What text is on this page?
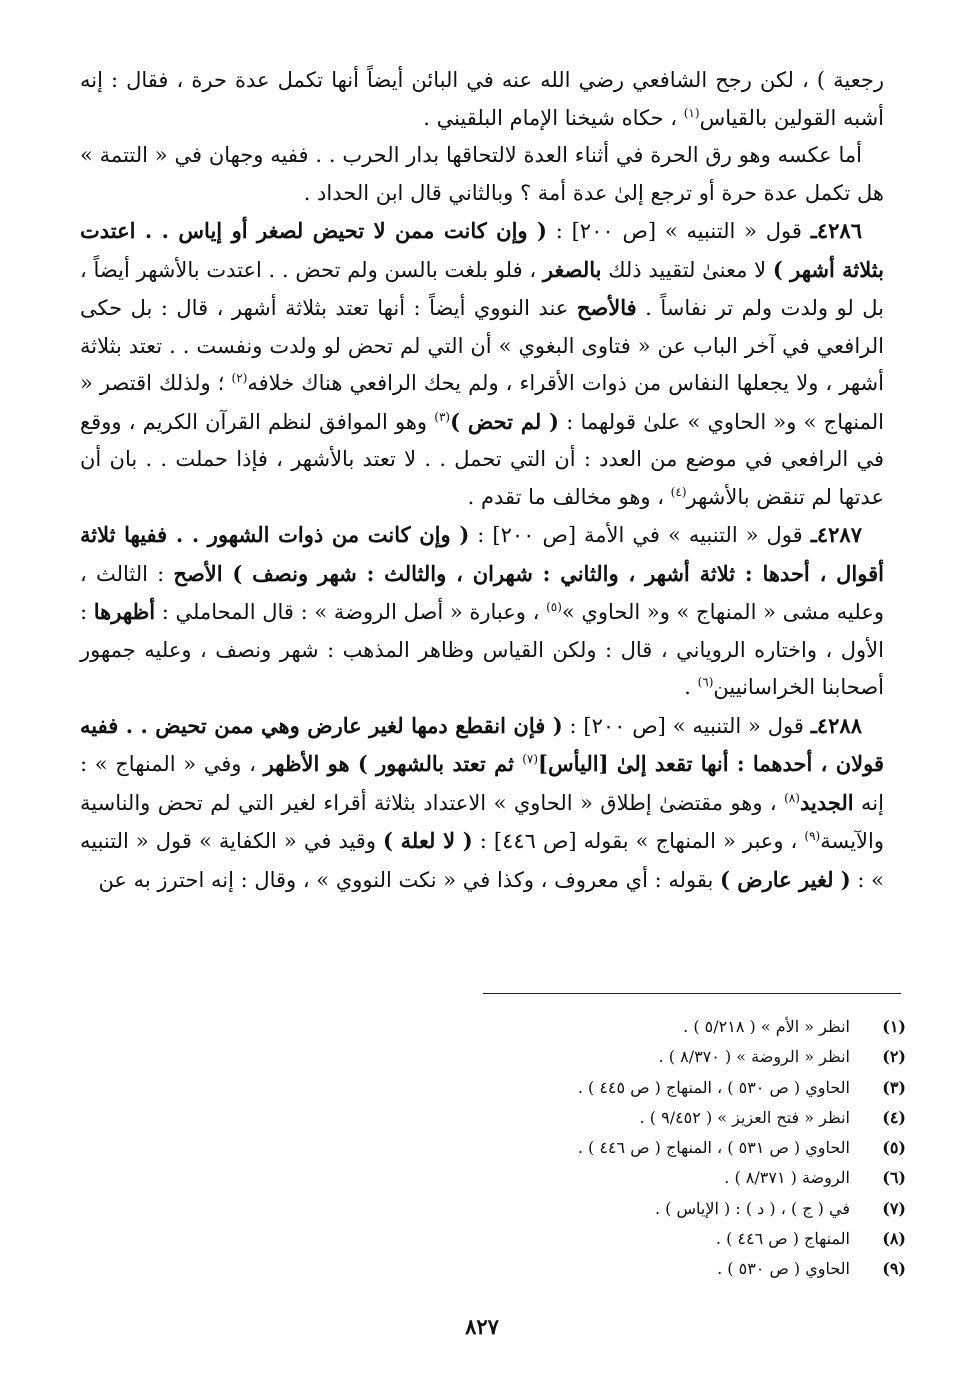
رجعية ) ، لكن رجح الشافعي رضي الله عنه في البائن أيضاً أنها تكمل عدة حرة ، فقال : إنه أشبه القولين بالقياس$^{(١)}$ ، حكاه شيخنا الإمام البلقيني .

أما عكسه وهو رق الحرة في أثناء العدة لالتحاقها بدار الحرب . . ففيه وجهان في « التتمة » هل تكمل عدة حرة أو ترجع إلىٰ عدة أمة ؟ وبالثاني قال ابن الحداد .

٤٢٨٦ـ قول « التنبيه » [ص ٢٠٠] : ( وإن كانت ممن لا تحيض لصغر أو إياس . . اعتدت بثلاثة أشهر ) لا معنىٰ لتقييد ذلك بالصغر ، فلو بلغت بالسن ولم تحض . . اعتدت بالأشهر أيضاً ، بل لو ولدت ولم تر نفاساً . فالأصح عند النووي أيضاً : أنها تعتد بثلاثة أشهر ، قال : بل حكى الرافعي في آخر الباب عن « فتاوى البغوي » أن التي لم تحض لو ولدت ونفست . . تعتد بثلاثة أشهر ، ولا يجعلها النفاس من ذوات الأقراء ، ولم يحك الرافعي هناك خلافه$^{(٢)}$ ؛ ولذلك اقتصر « المنهاج » و« الحاوي » علىٰ قولهما : ( لم تحض )$^{(٣)}$ وهو الموافق لنظم القرآن الكريم ، ووقع في الرافعي في موضع من العدد : أن التي تحمل . . لا تعتد بالأشهر ، فإذا حملت . . بان أن عدتها لم تنقض بالأشهر$^{(٤)}$ ، وهو مخالف ما تقدم .

٤٢٨٧ـ قول « التنبيه » في الأمة [ص ٢٠٠] : ( وإن كانت من ذوات الشهور . . ففيها ثلاثة أقوال ، أحدها : ثلاثة أشهر ، والثاني : شهران ، والثالث : شهر ونصف ) الأصح : الثالث ، وعليه مشى « المنهاج » و« الحاوي »$^{(٥)}$ ، وعبارة « أصل الروضة » : قال المحاملي : أظهرها : الأول ، واختاره الروياني ، قال : ولكن القياس وظاهر المذهب : شهر ونصف ، وعليه جمهور أصحابنا الخراسانيين$^{(٦)}$ .

٤٢٨٨ـ قول « التنبيه » [ص ٢٠٠] : ( فإن انقطع دمها لغير عارض وهي ممن تحيض . . ففيه قولان ، أحدهما : أنها تقعد إلىٰ [اليأس]$^{(٧)}$ ثم تعتد بالشهور ) هو الأظهر ، وفي « المنهاج » : إنه الجديد$^{(٨)}$ ، وهو مقتضىٰ إطلاق « الحاوي » الاعتداد بثلاثة أقراء لغير التي لم تحض والناسية والآيسة$^{(٩)}$ ، وعبر « المنهاج » بقوله [ص ٤٤٦] : ( لا لعلة ) وقيد في « الكفاية » قول « التنبيه » : ( لغير عارض ) بقوله : أي معروف ، وكذا في « نكت النووي » ، وقال : إنه احترز به عن

(١)انظر « الأم » ( ٥/٢١٨ ) .
(٢)انظر « الروضة » ( ٨/٣٧٠ ) .
(٣)الحاوي ( ص ٥٣٠ ) ، المنهاج ( ص ٤٤٥ ) .
(٤)انظر « فتح العزيز » ( ٩/٤٥٢ ) .
(٥)الحاوي ( ص ٥٣١ ) ، المنهاج ( ص ٤٤٦ ) .
(٦)الروضة ( ٨/٣٧١ ) .
(٧)في ( ج ) ، ( د ) : ( الإياس ) .
(٨)المنهاج ( ص ٤٤٦ ) .
(٩)الحاوي ( ص ٥٣٠ ) .
٨٢٧
